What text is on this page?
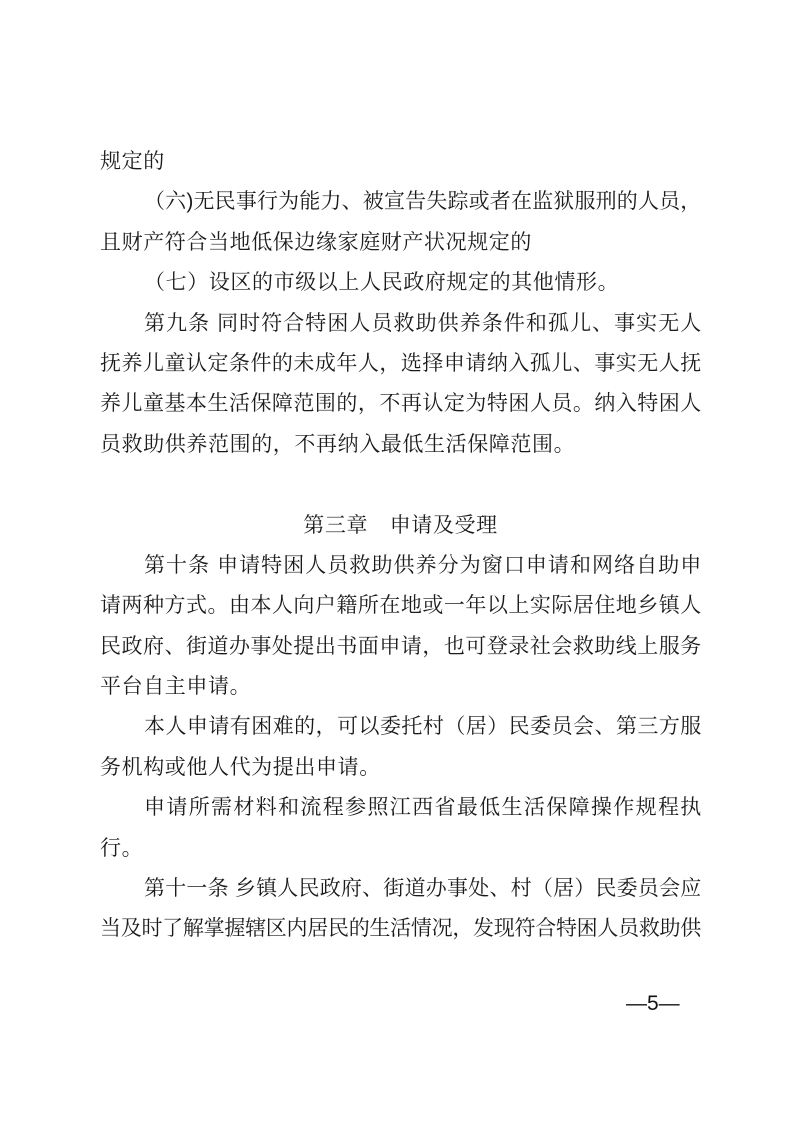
规定的
（六)无民事行为能力、被宣告失踪或者在监狱服刑的人员，
且财产符合当地低保边缘家庭财产状况规定的
（七）设区的市级以上人民政府规定的其他情形。
第九条 同时符合特困人员救助供养条件和孤儿、事实无人
抚养儿童认定条件的未成年人，选择申请纳入孤儿、事实无人抚
养儿童基本生活保障范围的，不再认定为特困人员。纳入特困人
员救助供养范围的，不再纳入最低生活保障范围。
第三章　申请及受理
第十条 申请特困人员救助供养分为窗口申请和网络自助申
请两种方式。由本人向户籍所在地或一年以上实际居住地乡镇人
民政府、街道办事处提出书面申请，也可登录社会救助线上服务
平台自主申请。
本人申请有困难的，可以委托村（居）民委员会、第三方服
务机构或他人代为提出申请。
申请所需材料和流程参照江西省最低生活保障操作规程执
行。
第十一条 乡镇人民政府、街道办事处、村（居）民委员会应
当及时了解掌握辖区内居民的生活情况，发现符合特困人员救助供
—5—
